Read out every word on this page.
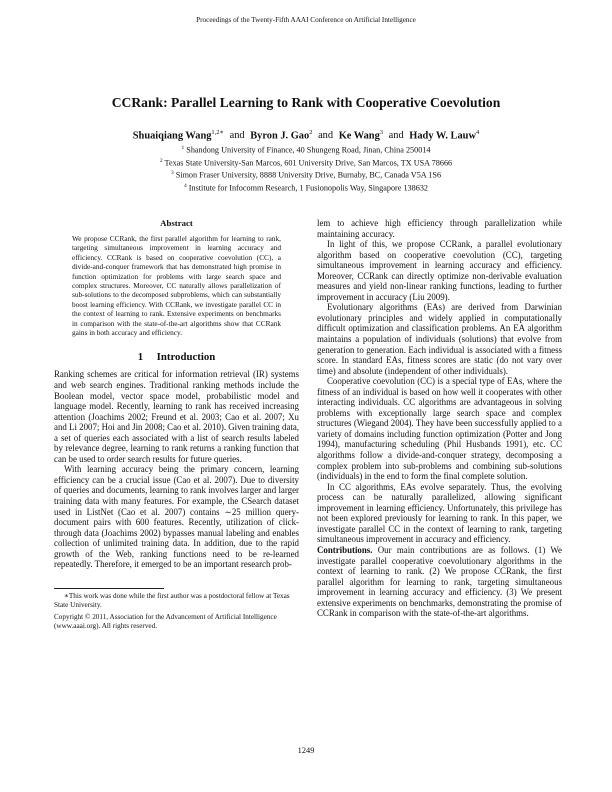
Proceedings of the Twenty-Fifth AAAI Conference on Artificial Intelligence
CCRank: Parallel Learning to Rank with Cooperative Coevolution
Shuaiqiang Wang$^{1,2∗}$ and Byron J. Gao$^2$ and Ke Wang$^3$ and Hady W. Lauw$^4$
$^1$ Shandong University of Finance, 40 Shungeng Road, Jinan, China 250014
$^2$ Texas State University-San Marcos, 601 University Drive, San Marcos, TX USA 78666
$^3$ Simon Fraser University, 8888 University Drive, Burnaby, BC, Canada V5A 1S6
$^4$ Institute for Infocomm Research, 1 Fusionopolis Way, Singapore 138632
Abstract

We propose CCRank, the first parallel algorithm for learning to rank, targeting simultaneous improvement in learning accuracy and efficiency. CCRank is based on cooperative coevolution (CC), a divide-and-conquer framework that has demonstrated high promise in function optimization for problems with large search space and complex structures. Moreover, CC naturally allows parallelization of sub-solutions to the decomposed subproblems, which can substantially boost learning efficiency. With CCRank, we investigate parallel CC in the context of learning to rank. Extensive experiments on benchmarks in comparison with the state-of-the-art algorithms show that CCRank gains in both accuracy and efficiency.

1     Introduction

Ranking schemes are critical for information retrieval (IR) systems and web search engines. Traditional ranking methods include the Boolean model, vector space model, probabilistic model and language model. Recently, learning to rank has received increasing attention (Joachims 2002; Freund et al. 2003; Cao et al. 2007; Xu and Li 2007; Hoi and Jin 2008; Cao et al. 2010). Given training data, a set of queries each associated with a list of search results labeled by relevance degree, learning to rank returns a ranking function that can be used to order search results for future queries.

With learning accuracy being the primary concern, learning efficiency can be a crucial issue (Cao et al. 2007). Due to diversity of queries and documents, learning to rank involves larger and larger training data with many features. For example, the CSearch dataset used in ListNet (Cao et al. 2007) contains ∼25 million query-document pairs with 600 features. Recently, utilization of click-through data (Joachims 2002) bypasses manual labeling and enables collection of unlimited training data. In addition, due to the rapid growth of the Web, ranking functions need to be re-learned repeatedly. Therefore, it emerged to be an important research prob-

∗This work was done while the first author was a postdoctoral fellow at Texas State University.
Copyright © 2011, Association for the Advancement of Artificial Intelligence (www.aaai.org). All rights reserved.

lem to achieve high efficiency through parallelization while maintaining accuracy.

In light of this, we propose CCRank, a parallel evolutionary algorithm based on cooperative coevolution (CC), targeting simultaneous improvement in learning accuracy and efficiency. Moreover, CCRank can directly optimize non-derivable evaluation measures and yield non-linear ranking functions, leading to further improvement in accuracy (Liu 2009).

Evolutionary algorithms (EAs) are derived from Darwinian evolutionary principles and widely applied in computationally difficult optimization and classification problems. An EA algorithm maintains a population of individuals (solutions) that evolve from generation to generation. Each individual is associated with a fitness score. In standard EAs, fitness scores are static (do not vary over time) and absolute (independent of other individuals).

Cooperative coevolution (CC) is a special type of EAs, where the fitness of an individual is based on how well it cooperates with other interacting individuals. CC algorithms are advantageous in solving problems with exceptionally large search space and complex structures (Wiegand 2004). They have been successfully applied to a variety of domains including function optimization (Potter and Jong 1994), manufacturing scheduling (Phil Husbands 1991), etc. CC algorithms follow a divide-and-conquer strategy, decomposing a complex problem into sub-problems and combining sub-solutions (individuals) in the end to form the final complete solution.

In CC algorithms, EAs evolve separately. Thus, the evolving process can be naturally parallelized, allowing significant improvement in learning efficiency. Unfortunately, this privilege has not been explored previously for learning to rank. In this paper, we investigate parallel CC in the context of learning to rank, targeting simultaneous improvement in accuracy and efficiency.

Contributions. Our main contributions are as follows. (1) We investigate parallel cooperative coevolutionary algorithms in the context of learning to rank. (2) We propose CCRank, the first parallel algorithm for learning to rank, targeting simultaneous improvement in learning accuracy and efficiency. (3) We present extensive experiments on benchmarks, demonstrating the promise of CCRank in comparison with the state-of-the-art algorithms.

1249
